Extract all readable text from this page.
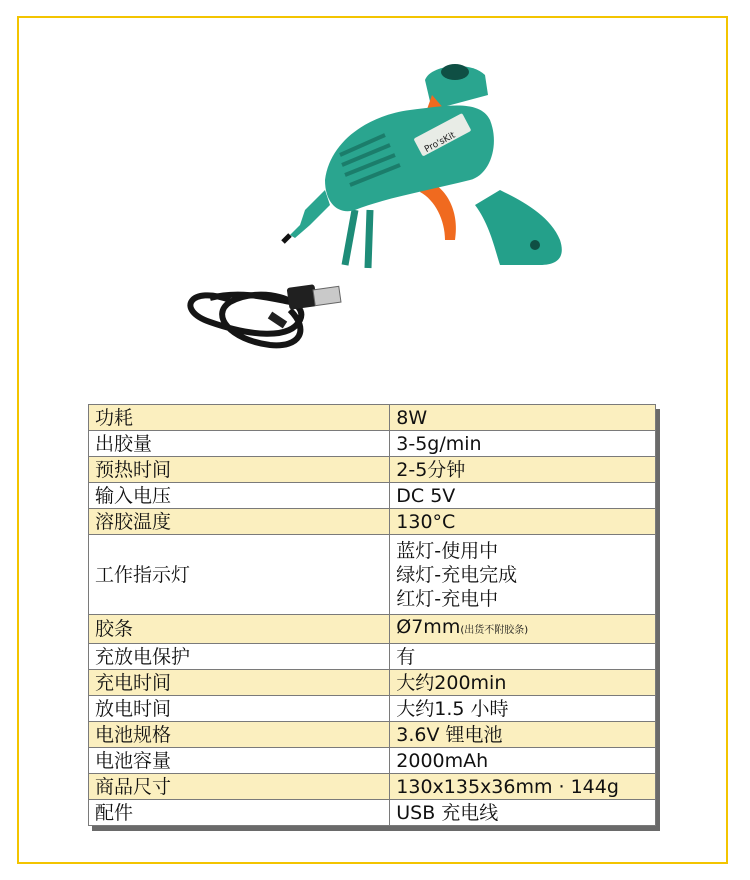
Pro'sKit
功耗	8W
出胶量	3-5g/min
预热时间	2-5分钟
输入电压	DC 5V
溶胶温度	130°C
工作指示灯	蓝灯-使用中
绿灯-充电完成
红灯-充电中

胶条	Ø7mm(出货不附胶条)
充放电保护	有
充电时间	大约200min
放电时间	大约1.5 小時
电池规格	3.6V 锂电池
电池容量	2000mAh
商品尺寸	130x135x36mm · 144g
配件	USB 充电线
